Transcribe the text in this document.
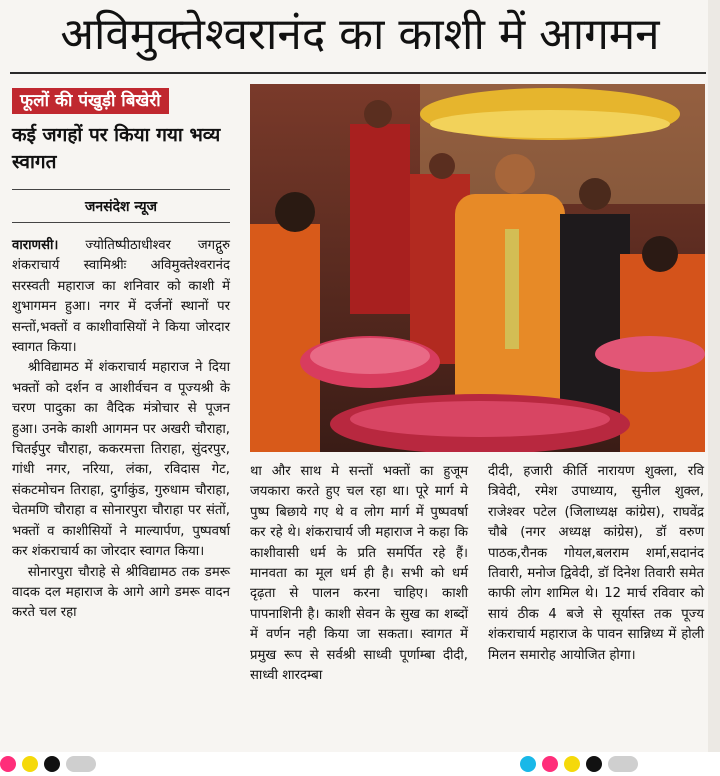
अविमुक्तेश्वरानंद का काशी में आगमन
फूलों की पंखुड़ी बिखेरी
कई जगहों पर किया गया भव्य स्वागत
जनसंदेश न्यूज

वाराणसी। ज्योतिष्पीठाधीश्वर जगद्गुरु शंकराचार्य स्वामिश्रीः अविमुक्तेश्वरानंद सरस्वती महाराज का शनिवार को काशी में शुभागमन हुआ। नगर में दर्जनों स्थानों पर सन्तों,भक्तों व काशीवासियों ने किया जोरदार स्वागत किया।

श्रीविद्यामठ में शंकराचार्य महाराज ने दिया भक्तों को दर्शन व आशीर्वचन व पूज्यश्री के चरण पादुका का वैदिक मंत्रोचार से पूजन हुआ। उनके काशी आगमन पर अखरी चौराहा, चितईपुर चौराहा, ककरमत्ता तिराहा, सुंदरपुर, गांधी नगर, नरिया, लंका, रविदास गेट, संकटमोचन तिराहा, दुर्गाकुंड, गुरुधाम चौराहा, चेतमणि चौराहा व सोनारपुरा चौराहा पर संतों, भक्तों व काशीसियों ने माल्यार्पण, पुष्पवर्षा कर शंकराचार्य का जोरदार स्वागत किया।

सोनारपुरा चौराहे से श्रीविद्यामठ तक डमरू वादक दल महाराज के आगे आगे डमरू वादन करते चल रहा

था और साथ मे सन्तों भक्तों का हुजूम जयकारा करते हुए चल रहा था। पूरे मार्ग मे पुष्प बिछाये गए थे व लोग मार्ग में पुष्पवर्षा कर रहे थे। शंकराचार्य जी महाराज ने कहा कि काशीवासी धर्म के प्रति समर्पित रहे हैं। मानवता का मूल धर्म ही है। सभी को धर्म दृढ़ता से पालन करना चाहिए। काशी पापनाशिनी है। काशी सेवन के सुख का शब्दों में वर्णन नही किया जा सकता। स्वागत में प्रमुख रूप से सर्वश्री साध्वी पूर्णाम्बा दीदी, साध्वी शारदम्बा

दीदी, हजारी कीर्ति नारायण शुक्ला, रवि त्रिवेदी, रमेश उपाध्याय, सुनील शुक्ल, राजेश्वर पटेल (जिलाध्यक्ष कांग्रेस), राघवेंद्र चौबे (नगर अध्यक्ष कांग्रेस), डॉ वरुण पाठक,रौनक गोयल,बलराम शर्मा,सदानंद तिवारी, मनोज द्विवेदी, डॉ दिनेश तिवारी समेत काफी लोग शामिल थे। 12 मार्च रविवार को सायं ठीक 4 बजे से सूर्यास्त तक पूज्य शंकराचार्य महाराज के पावन सान्निध्य में होली मिलन समारोह आयोजित होगा।
